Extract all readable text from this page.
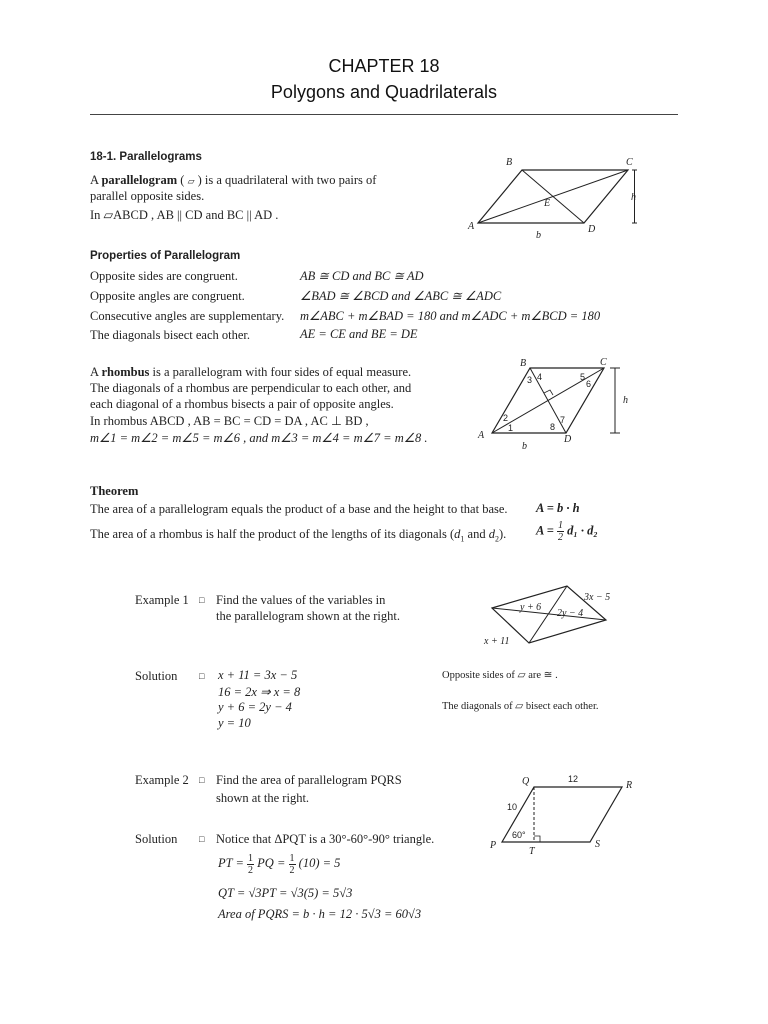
CHAPTER 18
Polygons and Quadrilaterals
18-1. Parallelograms
A parallelogram ( ▱ ) is a quadrilateral with two pairs of
parallel opposite sides.
In ▱ABCD , AB || CD and BC || AD .
B	C
A	D
E
b
h
Properties of Parallelogram
Opposite sides are congruent.	AB ≅ CD and BC ≅ AD
Opposite angles are congruent.	∠BAD ≅ ∠BCD and ∠ABC ≅ ∠ADC
Consecutive angles are supplementary. m∠ABC + m∠BAD = 180 and m∠ADC + m∠BCD = 180
The diagonals bisect each other.	AE = CE and BE = DE
A rhombus is a parallelogram with four sides of equal measure.
The diagonals of a rhombus are perpendicular to each other, and
each diagonal of a rhombus bisects a pair of opposite angles.
In rhombus ABCD , AB = BC = CD = DA , AC ⊥ BD ,
m∠1 = m∠2 = m∠5 = m∠6 , and m∠3 = m∠4 = m∠7 = m∠8 .
B	C
A	D
b
h
1
2
3 4	5
6
7
8
Theorem
The area of a parallelogram equals the product of a base and the height to that base. A = b · h
The area of a rhombus is half the product of the lengths of its diagonals ($d_1$ and $d_2$). $A = \frac{1}{2} d_1 \cdot d_2$
Example 1 □ Find the values of the variables in
the parallelogram shown at the right.
3x − 5
y + 6
2y − 4
x + 11
Solution □ x + 11 = 3x − 5
16 = 2x ⇒ x = 8
y + 6 = 2y − 4
y = 10
Opposite sides of ▱ are ≅ .
The diagonals of ▱ bisect each other.
Example 2 □ Find the area of parallelogram PQRS
shown at the right.
Q	R
P	S
T
12
10
60°
Solution □ Notice that ΔPQT is a 30°-60°-90° triangle.
PT = $\frac{1}{2}$ PQ = $\frac{1}{2} (10) = 5$
QT = √3PT = √3(5) = 5√3
Area of PQRS = b · h = 12 · 5√3 = 60√3
